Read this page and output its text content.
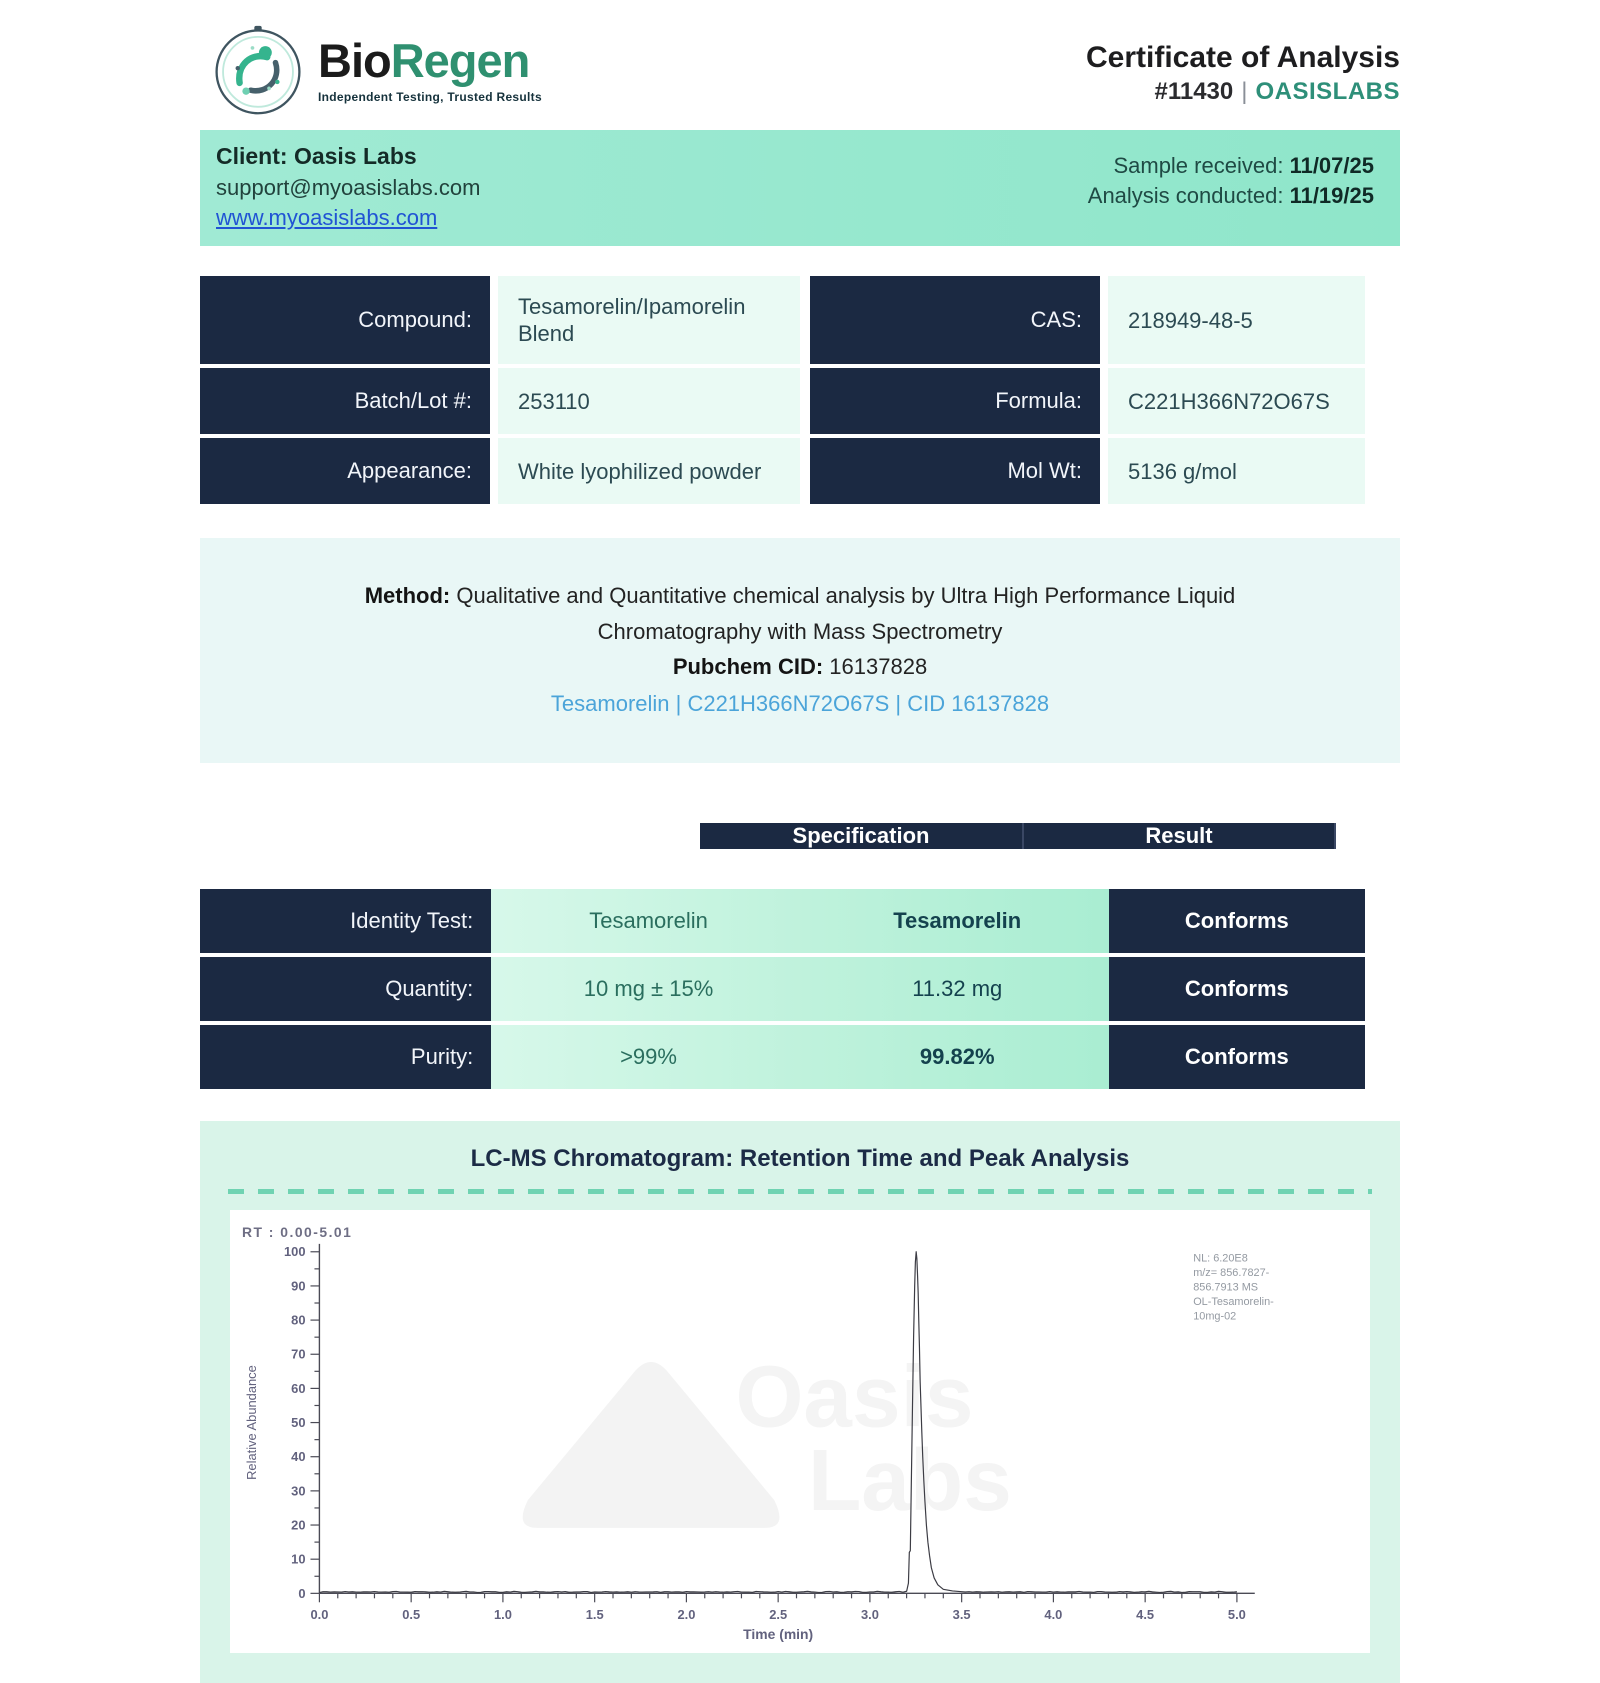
BioRegen
Independent Testing, Trusted Results
Certificate of Analysis
#11430 | OASISLABS
Client: Oasis Labs
support@myoasislabs.com
www.myoasislabs.com
Sample received: 11/07/25
Analysis conducted: 11/19/25
Compound:
Tesamorelin/Ipamorelin Blend
Batch/Lot #:	253110
Appearance:	White lyophilized powder
CAS:	218949-48-5
Formula:	C221H366N72O67S
Mol Wt:	5136 g/mol
Method: Qualitative and Quantitative chemical analysis by Ultra High Performance Liquid Chromatography with Mass Spectrometry
Pubchem CID: 16137828
Tesamorelin | C221H366N72O67S | CID 16137828
Specification	Result
Identity Test:	Tesamorelin	Tesamorelin	Conforms
Quantity:	10 mg ± 15%	11.32 mg	Conforms
Purity:	>99%	99.82%	Conforms
LC-MS Chromatogram: Retention Time and Peak Analysis
Oasis
Labs
RT : 0.00-5.01
0
10
20
30
40
50
60
70
80
90
100
0.0	0.5	1.0	1.5	2.0	2.5	3.0	3.5	4.0	4.5	5.0
Time (min)
Relative Abundance
NL: 6.20E8
m/z= 856.7827-
856.7913 MS
OL-Tesamorelin-
10mg-02
